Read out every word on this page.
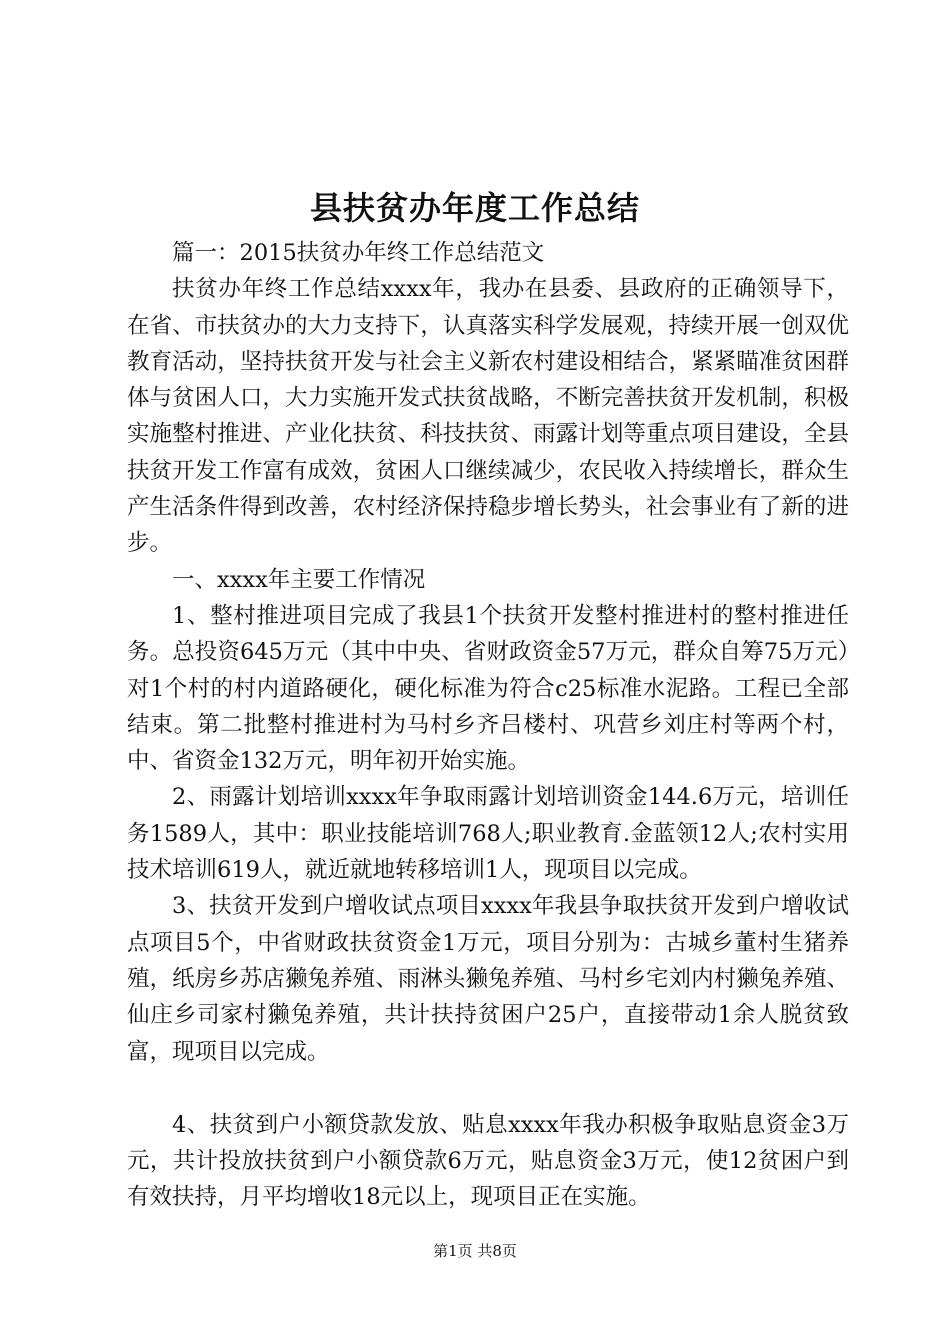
县扶贫办年度工作总结

篇一：2015扶贫办年终工作总结范文

扶贫办年终工作总结xxxx年，我办在县委、县政府的正确领导下，在省、市扶贫办的大力支持下，认真落实科学发展观，持续开展一创双优教育活动，坚持扶贫开发与社会主义新农村建设相结合，紧紧瞄准贫困群体与贫困人口，大力实施开发式扶贫战略，不断完善扶贫开发机制，积极实施整村推进、产业化扶贫、科技扶贫、雨露计划等重点项目建设，全县扶贫开发工作富有成效，贫困人口继续减少，农民收入持续增长，群众生产生活条件得到改善，农村经济保持稳步增长势头，社会事业有了新的进步。

一、xxxx年主要工作情况

1、整村推进项目完成了我县1个扶贫开发整村推进村的整村推进任务。总投资645万元（其中中央、省财政资金57万元，群众自筹75万元）对1个村的村内道路硬化，硬化标准为符合c25标准水泥路。工程已全部结束。第二批整村推进村为马村乡齐吕楼村、巩营乡刘庄村等两个村，中、省资金132万元，明年初开始实施。

2、雨露计划培训xxxx年争取雨露计划培训资金144.6万元，培训任务1589人，其中：职业技能培训768人;职业教育.金蓝领12人;农村实用技术培训619人，就近就地转移培训1人，现项目以完成。

3、扶贫开发到户增收试点项目xxxx年我县争取扶贫开发到户增收试点项目5个，中省财政扶贫资金1万元，项目分别为：古城乡董村生猪养殖，纸房乡苏店獭兔养殖、雨淋头獭兔养殖、马村乡宅刘内村獭兔养殖、仙庄乡司家村獭兔养殖，共计扶持贫困户25户，直接带动1余人脱贫致富，现项目以完成。

4、扶贫到户小额贷款发放、贴息xxxx年我办积极争取贴息资金3万元，共计投放扶贫到户小额贷款6万元，贴息资金3万元，使12贫困户到有效扶持，月平均增收18元以上，现项目正在实施。

第1页 共8页
